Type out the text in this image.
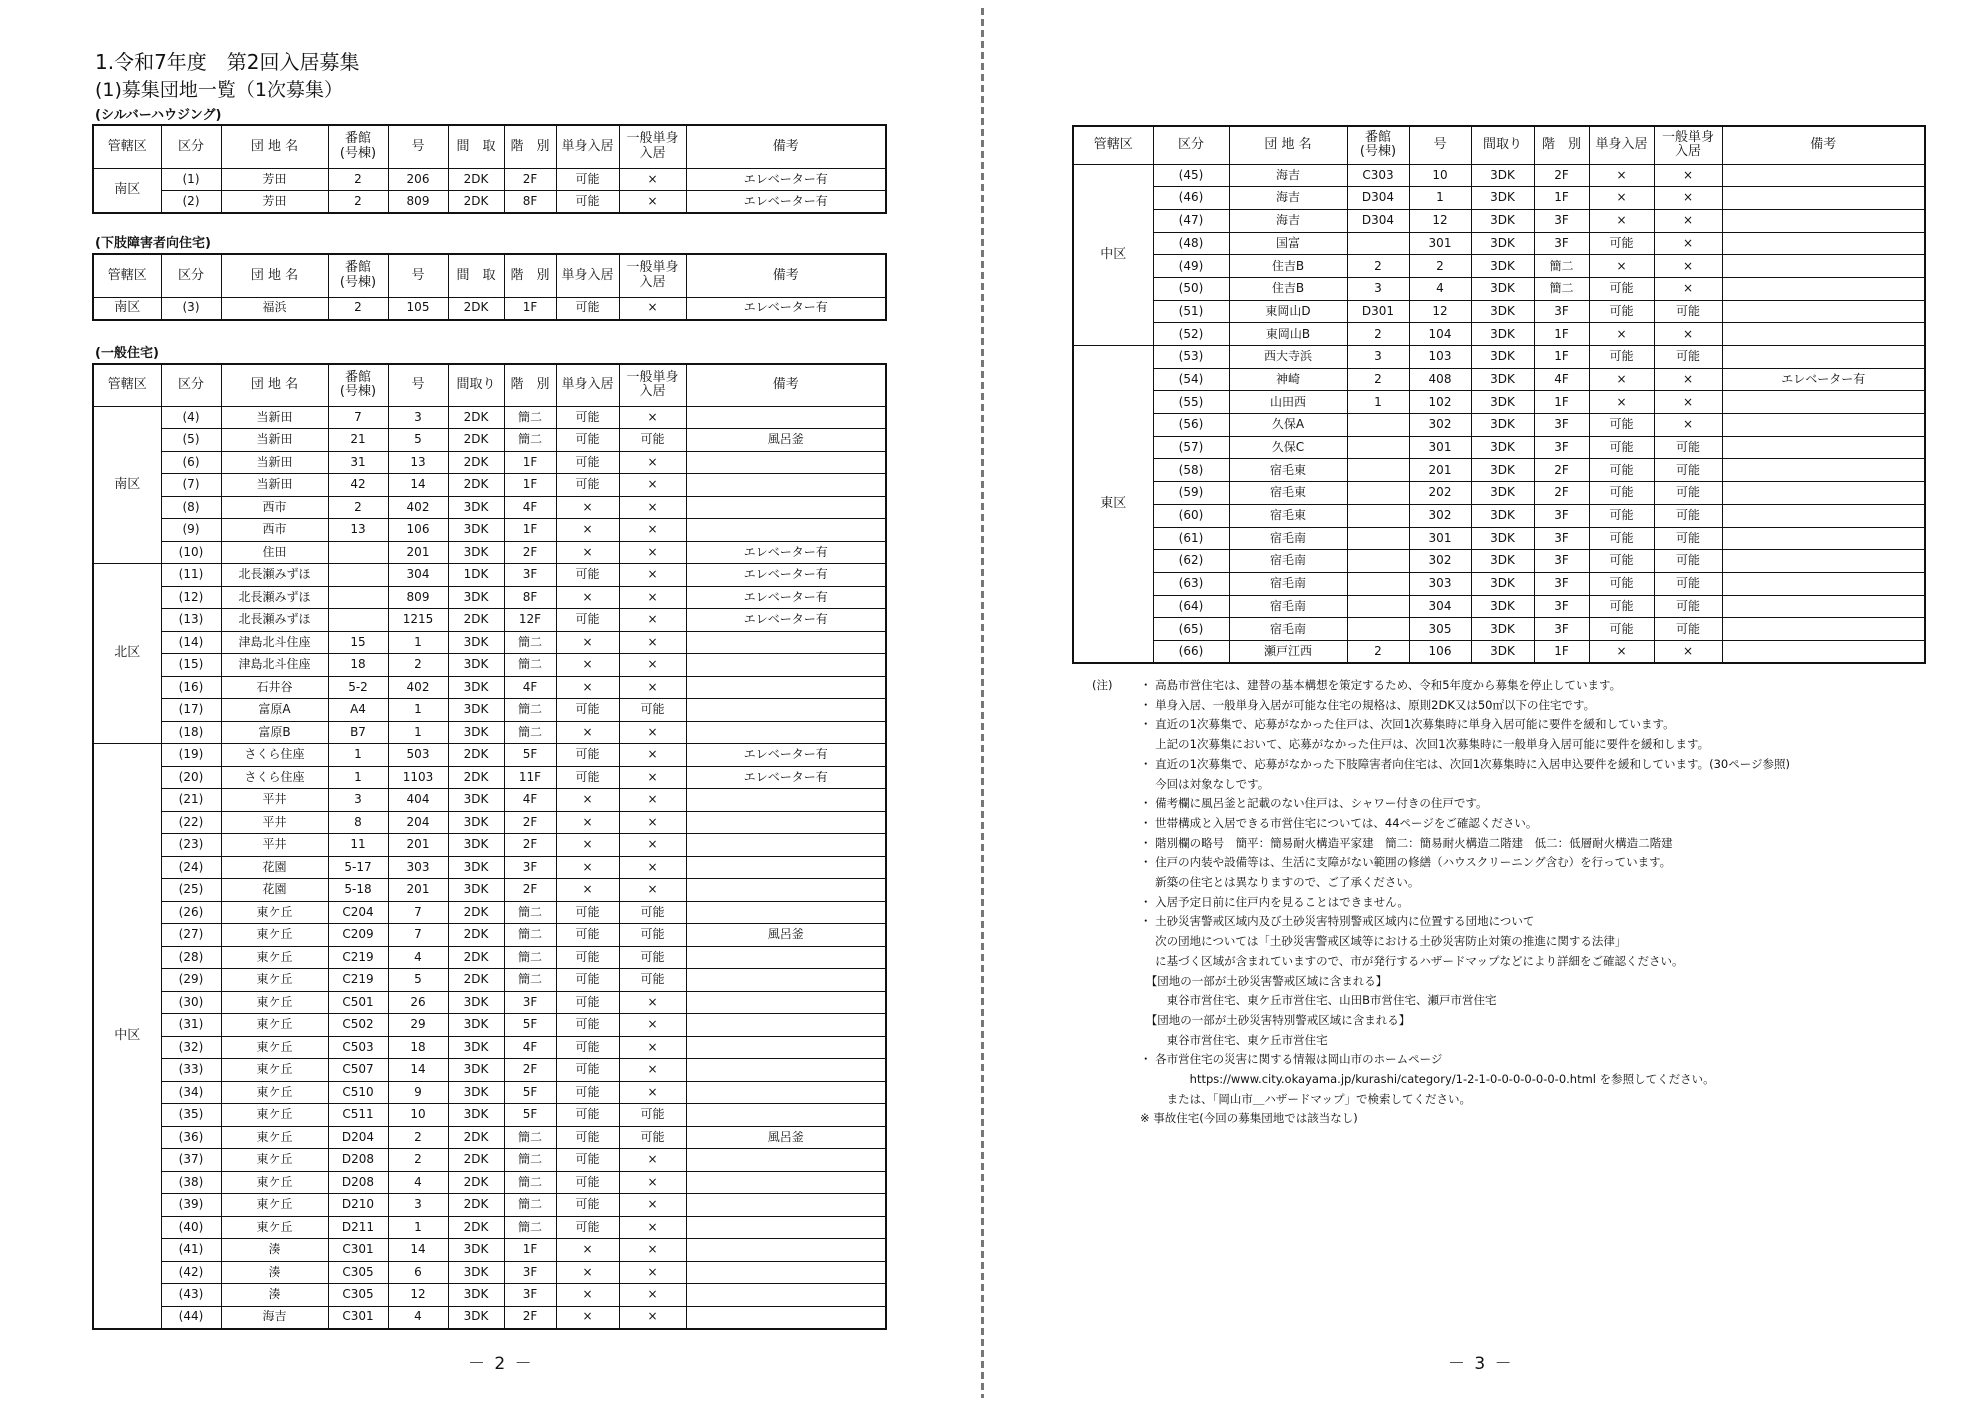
1.令和7年度　第2回入居募集
(1)募集団地一覧（1次募集）
(シルバーハウジング)
(下肢障害者向住宅)
(一般住宅)
－ 2 －
管轄区	区分	団 地 名	番館
(号棟)	号	間　取	階　別	単身入居	一般単身
入居	備考
南区	(1)	芳田	2	206	2DK	2F	可能	×	エレベーター有
	(2)	芳田	2	809	2DK	8F	可能	×	エレベーター有
管轄区	区分	団 地 名	番館
(号棟)	号	間　取	階　別	単身入居	一般単身
入居	備考
南区	(3)	福浜	2	105	2DK	1F	可能	×	エレベーター有
管轄区	区分	団 地 名	番館
(号棟)	号	間取り	階　別	単身入居	一般単身
入居	備考
南区	(4)	当新田	7	3	2DK	簡二	可能	×	
	(5)	当新田	21	5	2DK	簡二	可能	可能	風呂釜
	(6)	当新田	31	13	2DK	1F	可能	×	
	(7)	当新田	42	14	2DK	1F	可能	×	
	(8)	西市	2	402	3DK	4F	×	×	
	(9)	西市	13	106	3DK	1F	×	×	
	(10)	住田		201	3DK	2F	×	×	エレベーター有
北区	(11)	北長瀬みずほ		304	1DK	3F	可能	×	エレベーター有
	(12)	北長瀬みずほ		809	3DK	8F	×	×	エレベーター有
	(13)	北長瀬みずほ		1215	2DK	12F	可能	×	エレベーター有
	(14)	津島北斗住座	15	1	3DK	簡二	×	×	
	(15)	津島北斗住座	18	2	3DK	簡二	×	×	
	(16)	石井谷	5-2	402	3DK	4F	×	×	
	(17)	富原A	A4	1	3DK	簡二	可能	可能	
	(18)	富原B	B7	1	3DK	簡二	×	×	
中区	(19)	さくら住座	1	503	2DK	5F	可能	×	エレベーター有
	(20)	さくら住座	1	1103	2DK	11F	可能	×	エレベーター有
	(21)	平井	3	404	3DK	4F	×	×	
	(22)	平井	8	204	3DK	2F	×	×	
	(23)	平井	11	201	3DK	2F	×	×	
	(24)	花園	5-17	303	3DK	3F	×	×	
	(25)	花園	5-18	201	3DK	2F	×	×	
	(26)	東ケ丘	C204	7	2DK	簡二	可能	可能	
	(27)	東ケ丘	C209	7	2DK	簡二	可能	可能	風呂釜
	(28)	東ケ丘	C219	4	2DK	簡二	可能	可能	
	(29)	東ケ丘	C219	5	2DK	簡二	可能	可能	
	(30)	東ケ丘	C501	26	3DK	3F	可能	×	
	(31)	東ケ丘	C502	29	3DK	5F	可能	×	
	(32)	東ケ丘	C503	18	3DK	4F	可能	×	
	(33)	東ケ丘	C507	14	3DK	2F	可能	×	
	(34)	東ケ丘	C510	9	3DK	5F	可能	×	
	(35)	東ケ丘	C511	10	3DK	5F	可能	可能	
	(36)	東ケ丘	D204	2	2DK	簡二	可能	可能	風呂釜
	(37)	東ケ丘	D208	2	2DK	簡二	可能	×	
	(38)	東ケ丘	D208	4	2DK	簡二	可能	×	
	(39)	東ケ丘	D210	3	2DK	簡二	可能	×	
	(40)	東ケ丘	D211	1	2DK	簡二	可能	×	
	(41)	湊	C301	14	3DK	1F	×	×	
	(42)	湊	C305	6	3DK	3F	×	×	
	(43)	湊	C305	12	3DK	3F	×	×	
	(44)	海吉	C301	4	3DK	2F	×	×	
－ 3 －
管轄区	区分	団 地 名	番館
(号棟)	号	間取り	階　別	単身入居	一般単身
入居	備考
中区	(45)	海吉	C303	10	3DK	2F	×	×	
	(46)	海吉	D304	1	3DK	1F	×	×	
	(47)	海吉	D304	12	3DK	3F	×	×	
	(48)	国富		301	3DK	3F	可能	×	
	(49)	住吉B	2	2	3DK	簡二	×	×	
	(50)	住吉B	3	4	3DK	簡二	可能	×	
	(51)	東岡山D	D301	12	3DK	3F	可能	可能	
	(52)	東岡山B	2	104	3DK	1F	×	×	
東区	(53)	西大寺浜	3	103	3DK	1F	可能	可能	
	(54)	神崎	2	408	3DK	4F	×	×	エレベーター有
	(55)	山田西	1	102	3DK	1F	×	×	
	(56)	久保A		302	3DK	3F	可能	×	
	(57)	久保C		301	3DK	3F	可能	可能	
	(58)	宿毛東		201	3DK	2F	可能	可能	
	(59)	宿毛東		202	3DK	2F	可能	可能	
	(60)	宿毛東		302	3DK	3F	可能	可能	
	(61)	宿毛南		301	3DK	3F	可能	可能	
	(62)	宿毛南		302	3DK	3F	可能	可能	
	(63)	宿毛南		303	3DK	3F	可能	可能	
	(64)	宿毛南		304	3DK	3F	可能	可能	
	(65)	宿毛南		305	3DK	3F	可能	可能	
	(66)	瀬戸江西	2	106	3DK	1F	×	×	
(注) ・ 高島市営住宅は、建替の基本構想を策定するため、令和5年度から募集を停止しています。
・ 単身入居、一般単身入居が可能な住宅の規格は、原則2DK又は50㎡以下の住宅です。
・ 直近の1次募集で、応募がなかった住戸は、次回1次募集時に単身入居可能に要件を緩和しています。
　 上記の1次募集において、応募がなかった住戸は、次回1次募集時に一般単身入居可能に要件を緩和します。
・ 直近の1次募集で、応募がなかった下肢障害者向住宅は、次回1次募集時に入居申込要件を緩和しています。(30ページ参照)
　 今回は対象なしです。
・ 備考欄に風呂釜と記載のない住戸は、シャワー付きの住戸です。
・ 世帯構成と入居できる市営住宅については、44ページをご確認ください。
・ 階別欄の略号　簡平：簡易耐火構造平家建　簡二：簡易耐火構造二階建　低二：低層耐火構造二階建
・ 住戸の内装や設備等は、生活に支障がない範囲の修繕（ハウスクリーニング含む）を行っています。
　 新築の住宅とは異なりますので、ご了承ください。
・ 入居予定日前に住戸内を見ることはできません。
・ 土砂災害警戒区域内及び土砂災害特別警戒区域内に位置する団地について
　 次の団地については「土砂災害警戒区域等における土砂災害防止対策の推進に関する法律」
　 に基づく区域が含まれていますので、市が発行するハザードマップなどにより詳細をご確認ください。
　【団地の一部が土砂災害警戒区域に含まれる】
　　 東谷市営住宅、東ケ丘市営住宅、山田B市営住宅、瀬戸市営住宅
　【団地の一部が土砂災害特別警戒区域に含まれる】
　　 東谷市営住宅、東ケ丘市営住宅
・ 各市営住宅の災害に関する情報は岡山市のホームページ
　　　　 https://www.city.okayama.jp/kurashi/category/1-2-1-0-0-0-0-0-0-0.html を参照してください。
　　 または、「岡山市＿ハザードマップ」で検索してください。
※ 事故住宅(今回の募集団地では該当なし)
